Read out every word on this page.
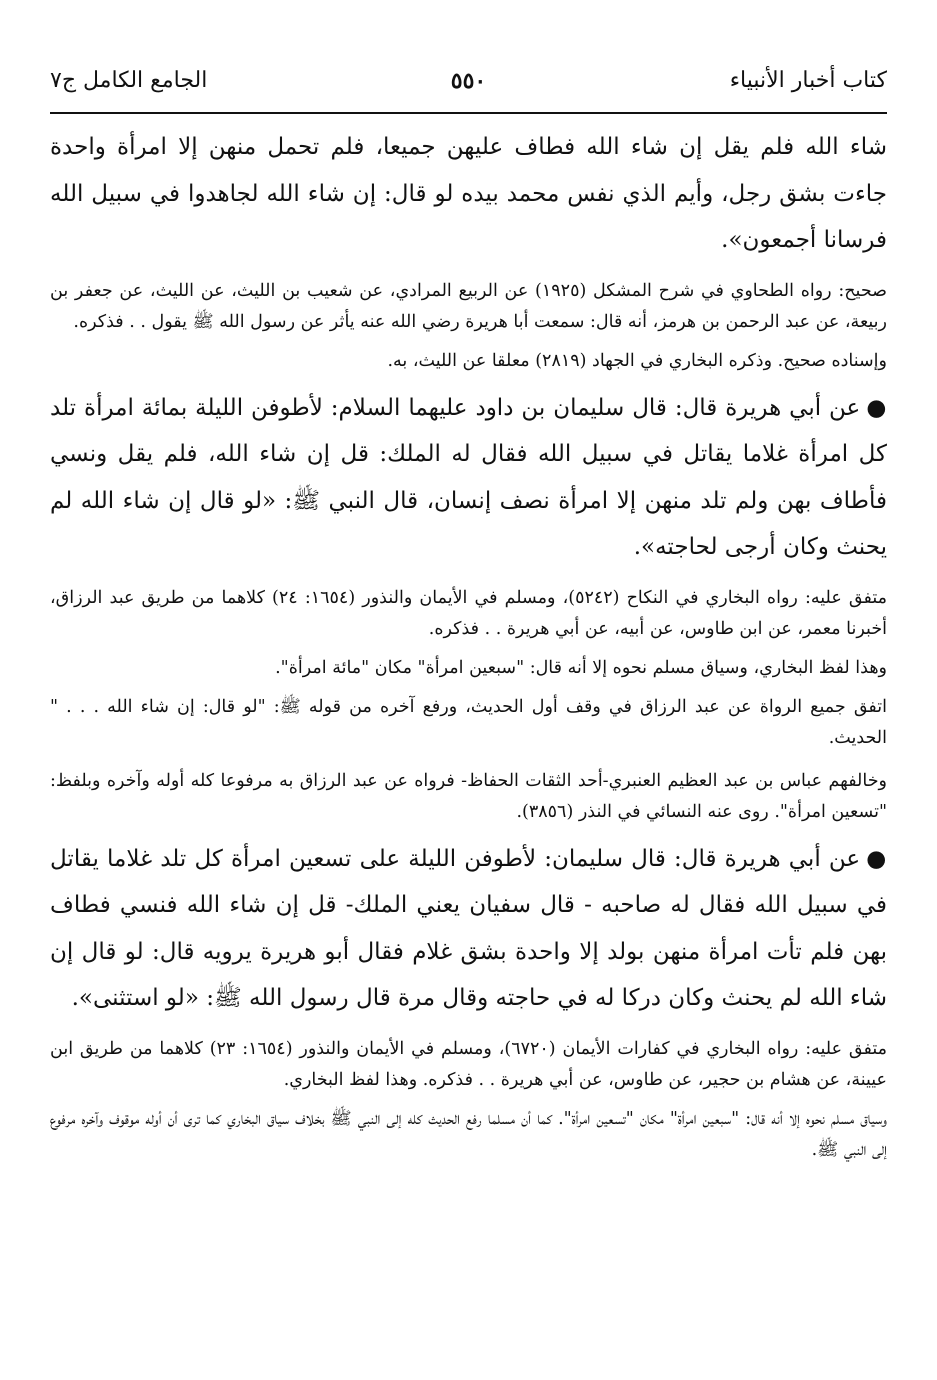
كتاب أخبار الأنبياء
٥٥٠
الجامع الكامل ج٧

شاء الله فلم يقل إن شاء الله فطاف عليهن جميعا، فلم تحمل منهن إلا امرأة واحدة جاءت بشق رجل، وأيم الذي نفس محمد بيده لو قال: إن شاء الله لجاهدوا في سبيل الله فرسانا أجمعون».

صحيح: رواه الطحاوي في شرح المشكل (١٩٢٥) عن الربيع المرادي، عن شعيب بن الليث، عن الليث، عن جعفر بن ربيعة، عن عبد الرحمن بن هرمز، أنه قال: سمعت أبا هريرة رضي الله عنه يأثر عن رسول الله ﷺ يقول . . فذكره.

وإسناده صحيح. وذكره البخاري في الجهاد (٢٨١٩) معلقا عن الليث، به.

●عن أبي هريرة قال: قال سليمان بن داود عليهما السلام: لأطوفن الليلة بمائة امرأة تلد كل امرأة غلاما يقاتل في سبيل الله فقال له الملك: قل إن شاء الله، فلم يقل ونسي فأطاف بهن ولم تلد منهن إلا امرأة نصف إنسان، قال النبي ﷺ: «لو قال إن شاء الله لم يحنث وكان أرجى لحاجته».

متفق عليه: رواه البخاري في النكاح (٥٢٤٢)، ومسلم في الأيمان والنذور (١٦٥٤: ٢٤) كلاهما من طريق عبد الرزاق، أخبرنا معمر، عن ابن طاوس، عن أبيه، عن أبي هريرة . . فذكره.

وهذا لفظ البخاري، وسياق مسلم نحوه إلا أنه قال: "سبعين امرأة" مكان "مائة امرأة".

اتفق جميع الرواة عن عبد الرزاق في وقف أول الحديث، ورفع آخره من قوله ﷺ: "لو قال: إن شاء الله . . . " الحديث.

وخالفهم عباس بن عبد العظيم العنبري-أحد الثقات الحفاظ- فرواه عن عبد الرزاق به مرفوعا كله أوله وآخره وبلفظ: "تسعين امرأة". روى عنه النسائي في النذر (٣٨٥٦).

●عن أبي هريرة قال: قال سليمان: لأطوفن الليلة على تسعين امرأة كل تلد غلاما يقاتل في سبيل الله فقال له صاحبه - قال سفيان يعني الملك- قل إن شاء الله فنسي فطاف بهن فلم تأت امرأة منهن بولد إلا واحدة بشق غلام فقال أبو هريرة يرويه قال: لو قال إن شاء الله لم يحنث وكان دركا له في حاجته وقال مرة قال رسول الله ﷺ: «لو استثنى».

متفق عليه: رواه البخاري في كفارات الأيمان (٦٧٢٠)، ومسلم في الأيمان والنذور (١٦٥٤: ٢٣) كلاهما من طريق ابن عيينة، عن هشام بن حجير، عن طاوس، عن أبي هريرة . . فذكره. وهذا لفظ البخاري.

وسياق مسلم نحوه إلا أنه قال: "سبعين امرأة" مكان "تسعين امرأة". كما أن مسلما رفع الحديث كله إلى النبي ﷺ بخلاف سياق البخاري كما ترى أن أوله موقوف وآخره مرفوع إلى النبي ﷺ.
